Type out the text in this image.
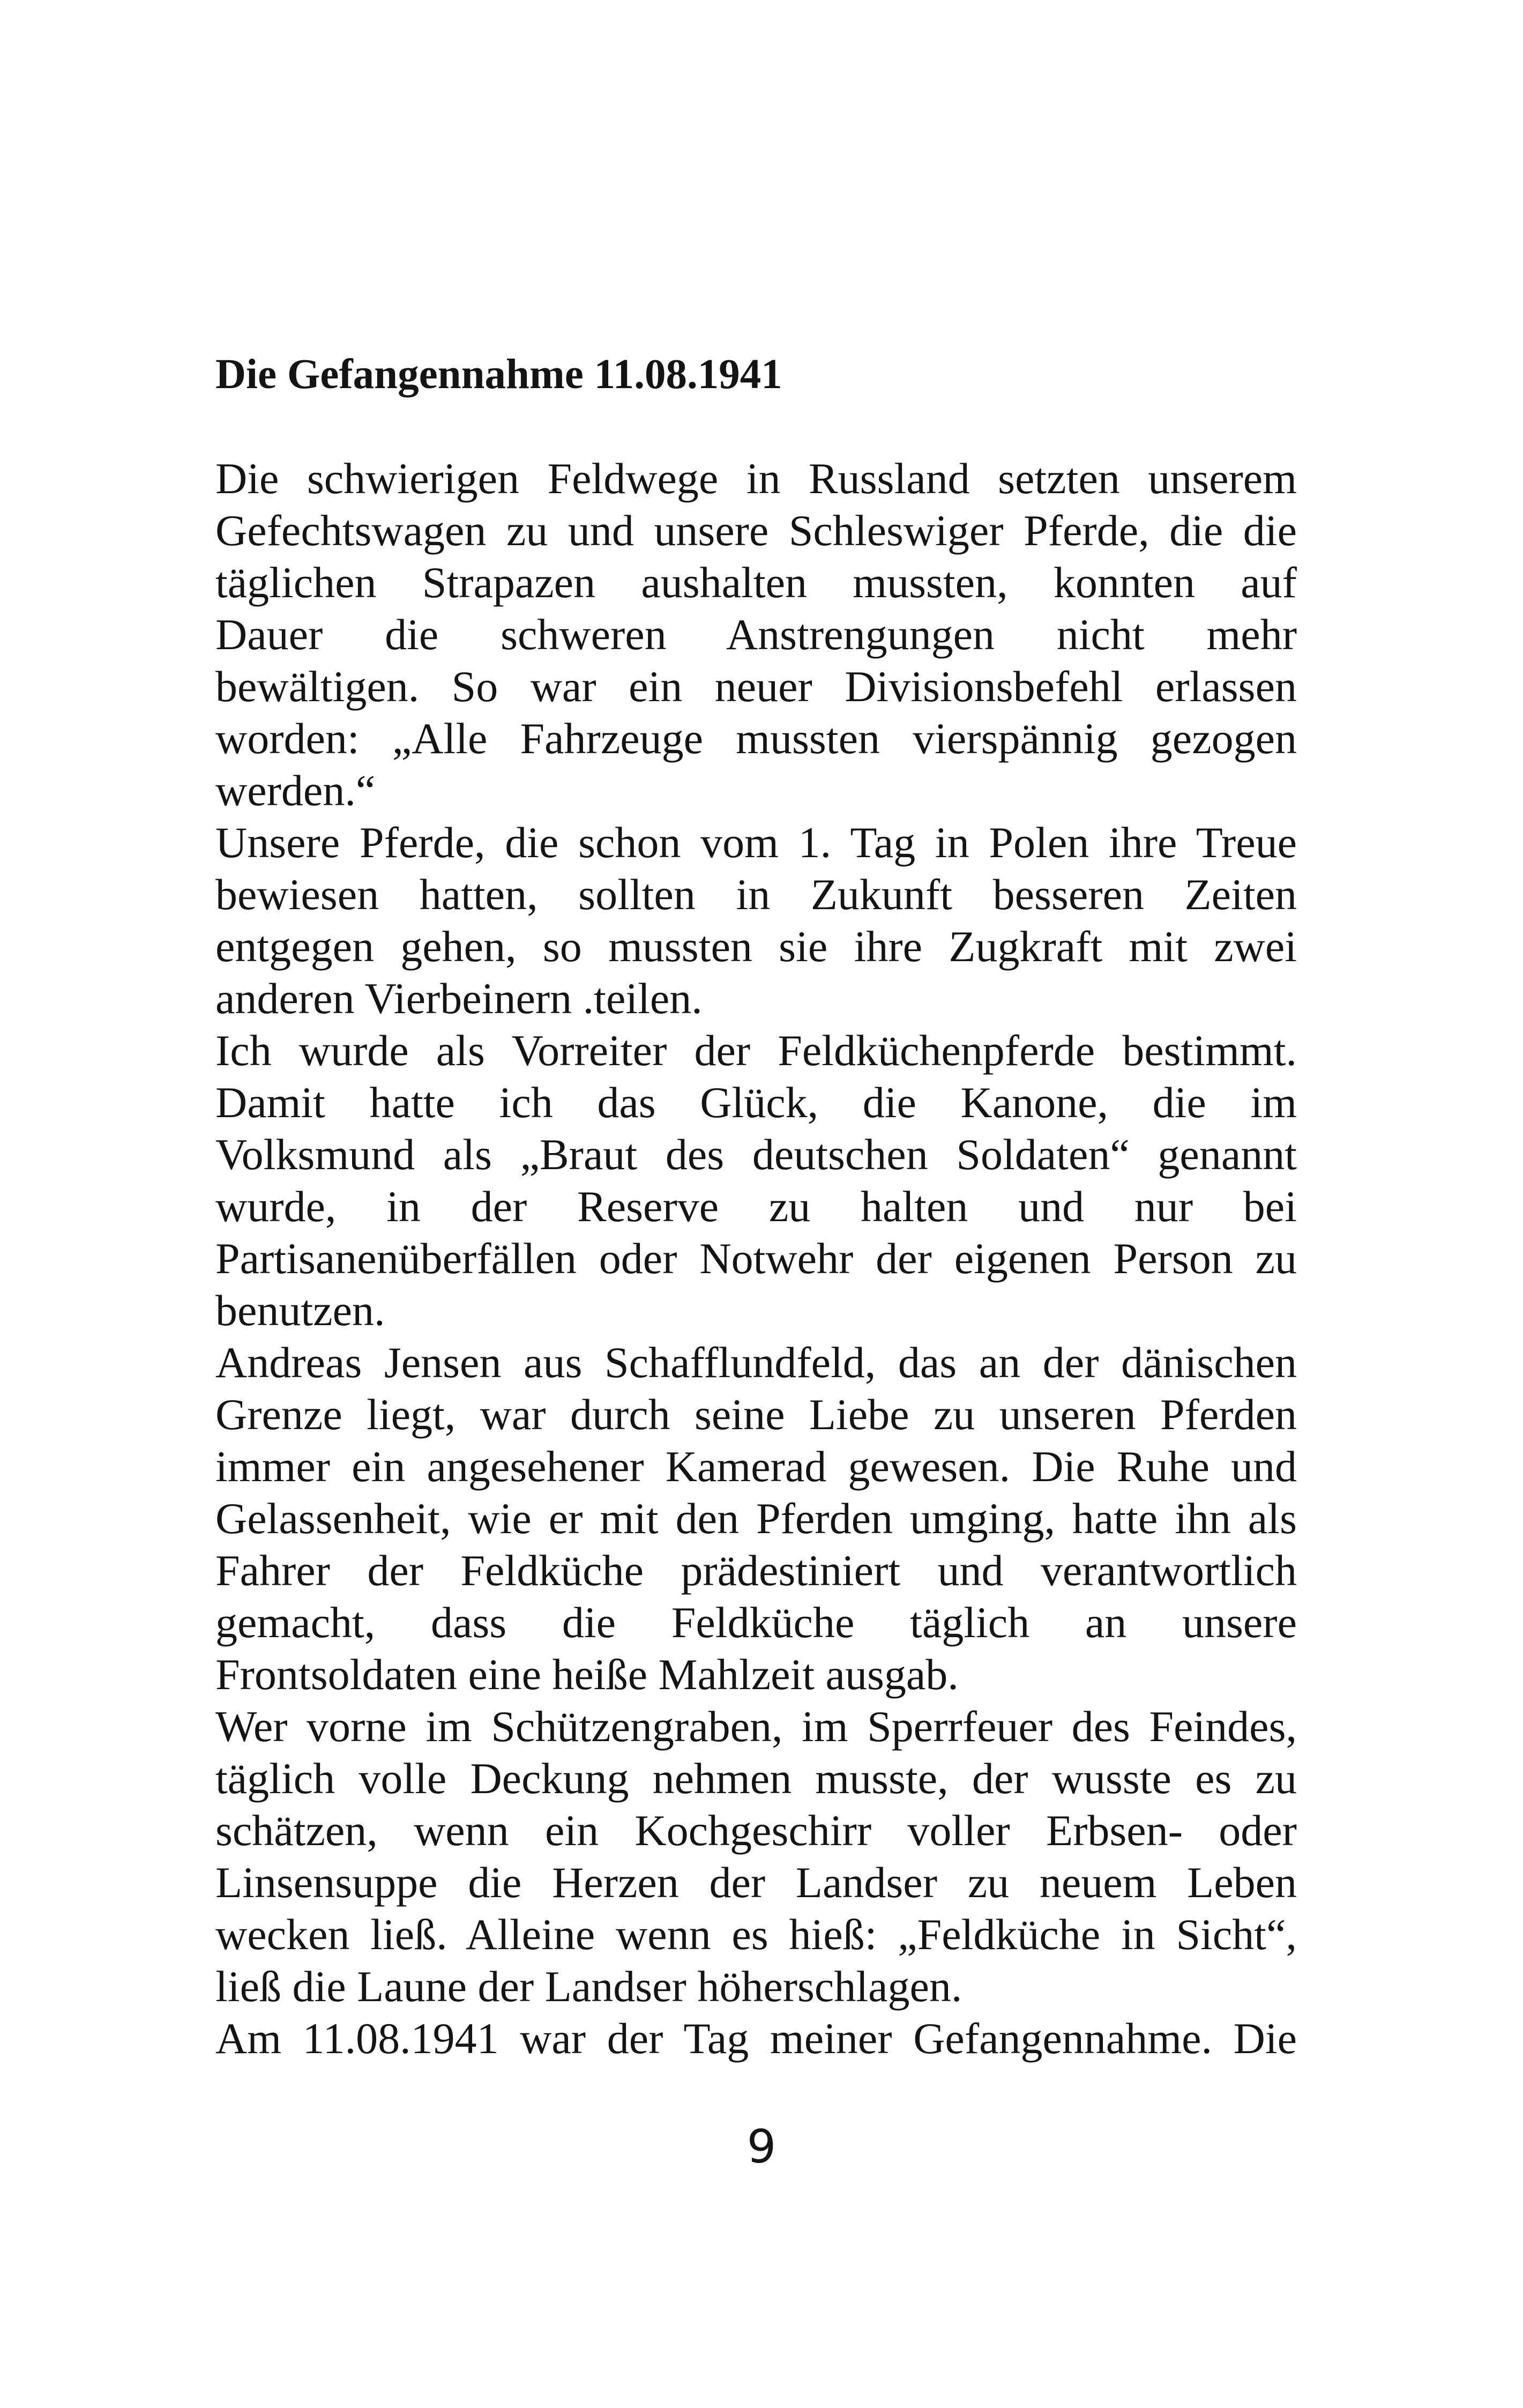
Die Gefangennahme 11.08.1941
Die schwierigen Feldwege in Russland setzten unserem
Gefechtswagen zu und unsere Schleswiger Pferde, die die
täglichen Strapazen aushalten mussten, konnten auf
Dauer die schweren Anstrengungen nicht mehr
bewältigen. So war ein neuer Divisionsbefehl erlassen
worden: „Alle Fahrzeuge mussten vierspännig gezogen
werden.“
Unsere Pferde, die schon vom 1. Tag in Polen ihre Treue
bewiesen hatten, sollten in Zukunft besseren Zeiten
entgegen gehen, so mussten sie ihre Zugkraft mit zwei
anderen Vierbeinern .teilen.
Ich wurde als Vorreiter der Feldküchenpferde bestimmt.
Damit hatte ich das Glück, die Kanone, die im
Volksmund als „Braut des deutschen Soldaten“ genannt
wurde, in der Reserve zu halten und nur bei
Partisanenüberfällen oder Notwehr der eigenen Person zu
benutzen.
Andreas Jensen aus Schafflundfeld, das an der dänischen
Grenze liegt, war durch seine Liebe zu unseren Pferden
immer ein angesehener Kamerad gewesen. Die Ruhe und
Gelassenheit, wie er mit den Pferden umging, hatte ihn als
Fahrer der Feldküche prädestiniert und verantwortlich
gemacht, dass die Feldküche täglich an unsere
Frontsoldaten eine heiße Mahlzeit ausgab.
Wer vorne im Schützengraben, im Sperrfeuer des Feindes,
täglich volle Deckung nehmen musste, der wusste es zu
schätzen, wenn ein Kochgeschirr voller Erbsen- oder
Linsensuppe die Herzen der Landser zu neuem Leben
wecken ließ. Alleine wenn es hieß: „Feldküche in Sicht“,
ließ die Laune der Landser höherschlagen.
Am 11.08.1941 war der Tag meiner Gefangennahme. Die
9
